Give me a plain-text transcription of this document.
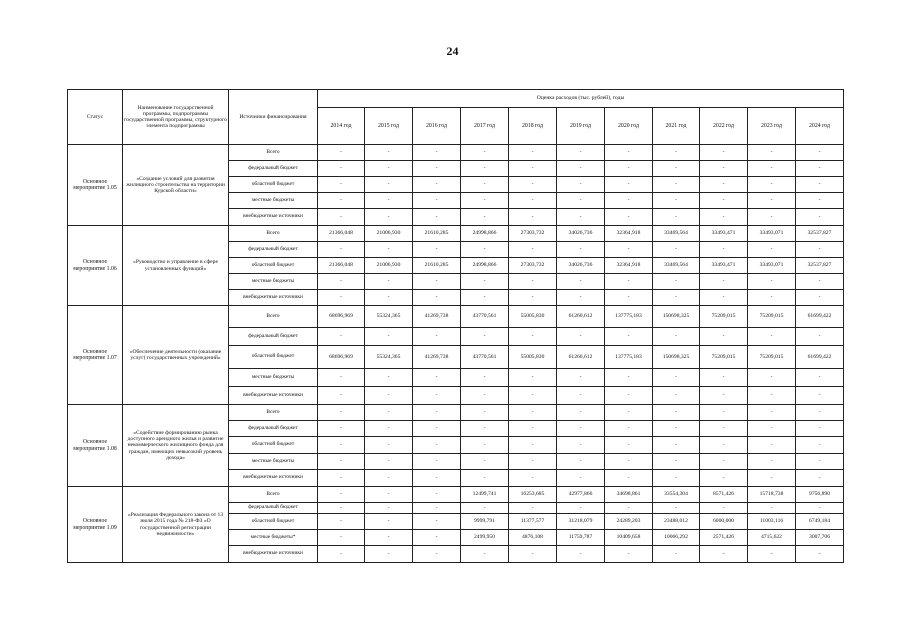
24
Статус	Наименование государственной программы, подпрограммы государственной программы, структурного элемента подпрограммы	Источники финансирования	Оценка расходов (тыс. рублей), годы										
			2014 год	2015 год	2016 год	2017 год	2018 год	2019 год	2020 год	2021 год	2022 год	2023 год	2024 год
Основное мероприятие 1.05	«Создание условий для развития жилищного строительства на территории Курской области»	Всего	-	-	-	-	-	-	-	-	-	-	-
		федеральный бюджет	-	-	-	-	-	-	-	-	-	-	-
		областной бюджет	-	-	-	-	-	-	-	-	-	-	-
		местные бюджеты	-	-	-	-	-	-	-	-	-	-	-
		внебюджетные источники	-	-	-	-	-	-	-	-	-	-	-
Основное мероприятие 1.06	«Руководство и управление в сфере установленных функций»	Всего	21366,048	21006,930	21610,285	24998,866	27303,732	34026,736	32364,918	33469,564	33493,471	33493,071	32537,827
		федеральный бюджет	-	-	-	-	-	-	-	-	-	-	-
		областной бюджет	21366,048	21006,930	21610,285	24998,866	27303,732	34026,736	32364,918	33469,564	33493,471	33493,071	32537,827
		местные бюджеты	-	-	-	-	-	-	-	-	-	-	-
		внебюджетные источники	-	-	-	-	-	-	-	-	-	-	-
Основное мероприятие 1.07	«Обеспечение деятельности (оказание услуг) государственных учреждений»	Всего	68696,969	55324,365	41269,738	43770,561	55005,830	61260,612	137775,183	150698,325	75209,015	75209,015	61699,422
		федеральный бюджет	-	-	-	-	-	-	-	-	-	-	-
		областной бюджет	68696,969	55324,365	41269,738	43770,561	55005,830	61260,612	137775,183	150698,325	75209,015	75209,015	61699,422
		местные бюджеты	-	-	-	-	-	-	-	-	-	-	-
		внебюджетные источники	-	-	-	-	-	-	-	-	-	-	-
Основное мероприятие 1.08	«Содействие формированию рынка доступного арендного жилья и развитие некоммерческого жилищного фонда для граждан, имеющих невысокий уровень дохода»	Всего	-	-	-	-	-	-	-	-	-	-	-
		федеральный бюджет	-	-	-	-	-	-	-	-	-	-	-
		областной бюджет	-	-	-	-	-	-	-	-	-	-	-
		местные бюджеты	-	-	-	-	-	-	-	-	-	-	-
		внебюджетные источники	-	-	-	-	-	-	-	-	-	-	-
Основное мероприятие 1.09	«Реализация Федерального закона от 13 июля 2015 года № 218-ФЗ «О государственной регистрации недвижимости»	Всего	-	-	-	12499,741	16253,685	42977,866	34698,861	33554,304	8571,426	15718,738	9756,890
		федеральный бюджет	-	-	-	-	-	-	-	-	-	-	-
		областной бюджет	-	-	-	9999,791	11377,577	31218,079	24289,203	23488,012	6000,000	11003,116	6749,184
		местные бюджеты*	-	-	-	2499,950	4876,108	11759,787	10409,658	10066,292	2571,426	4715,622	3007,706
		внебюджетные источники	-	-	-	-	-	-	-	-	-	-	-
